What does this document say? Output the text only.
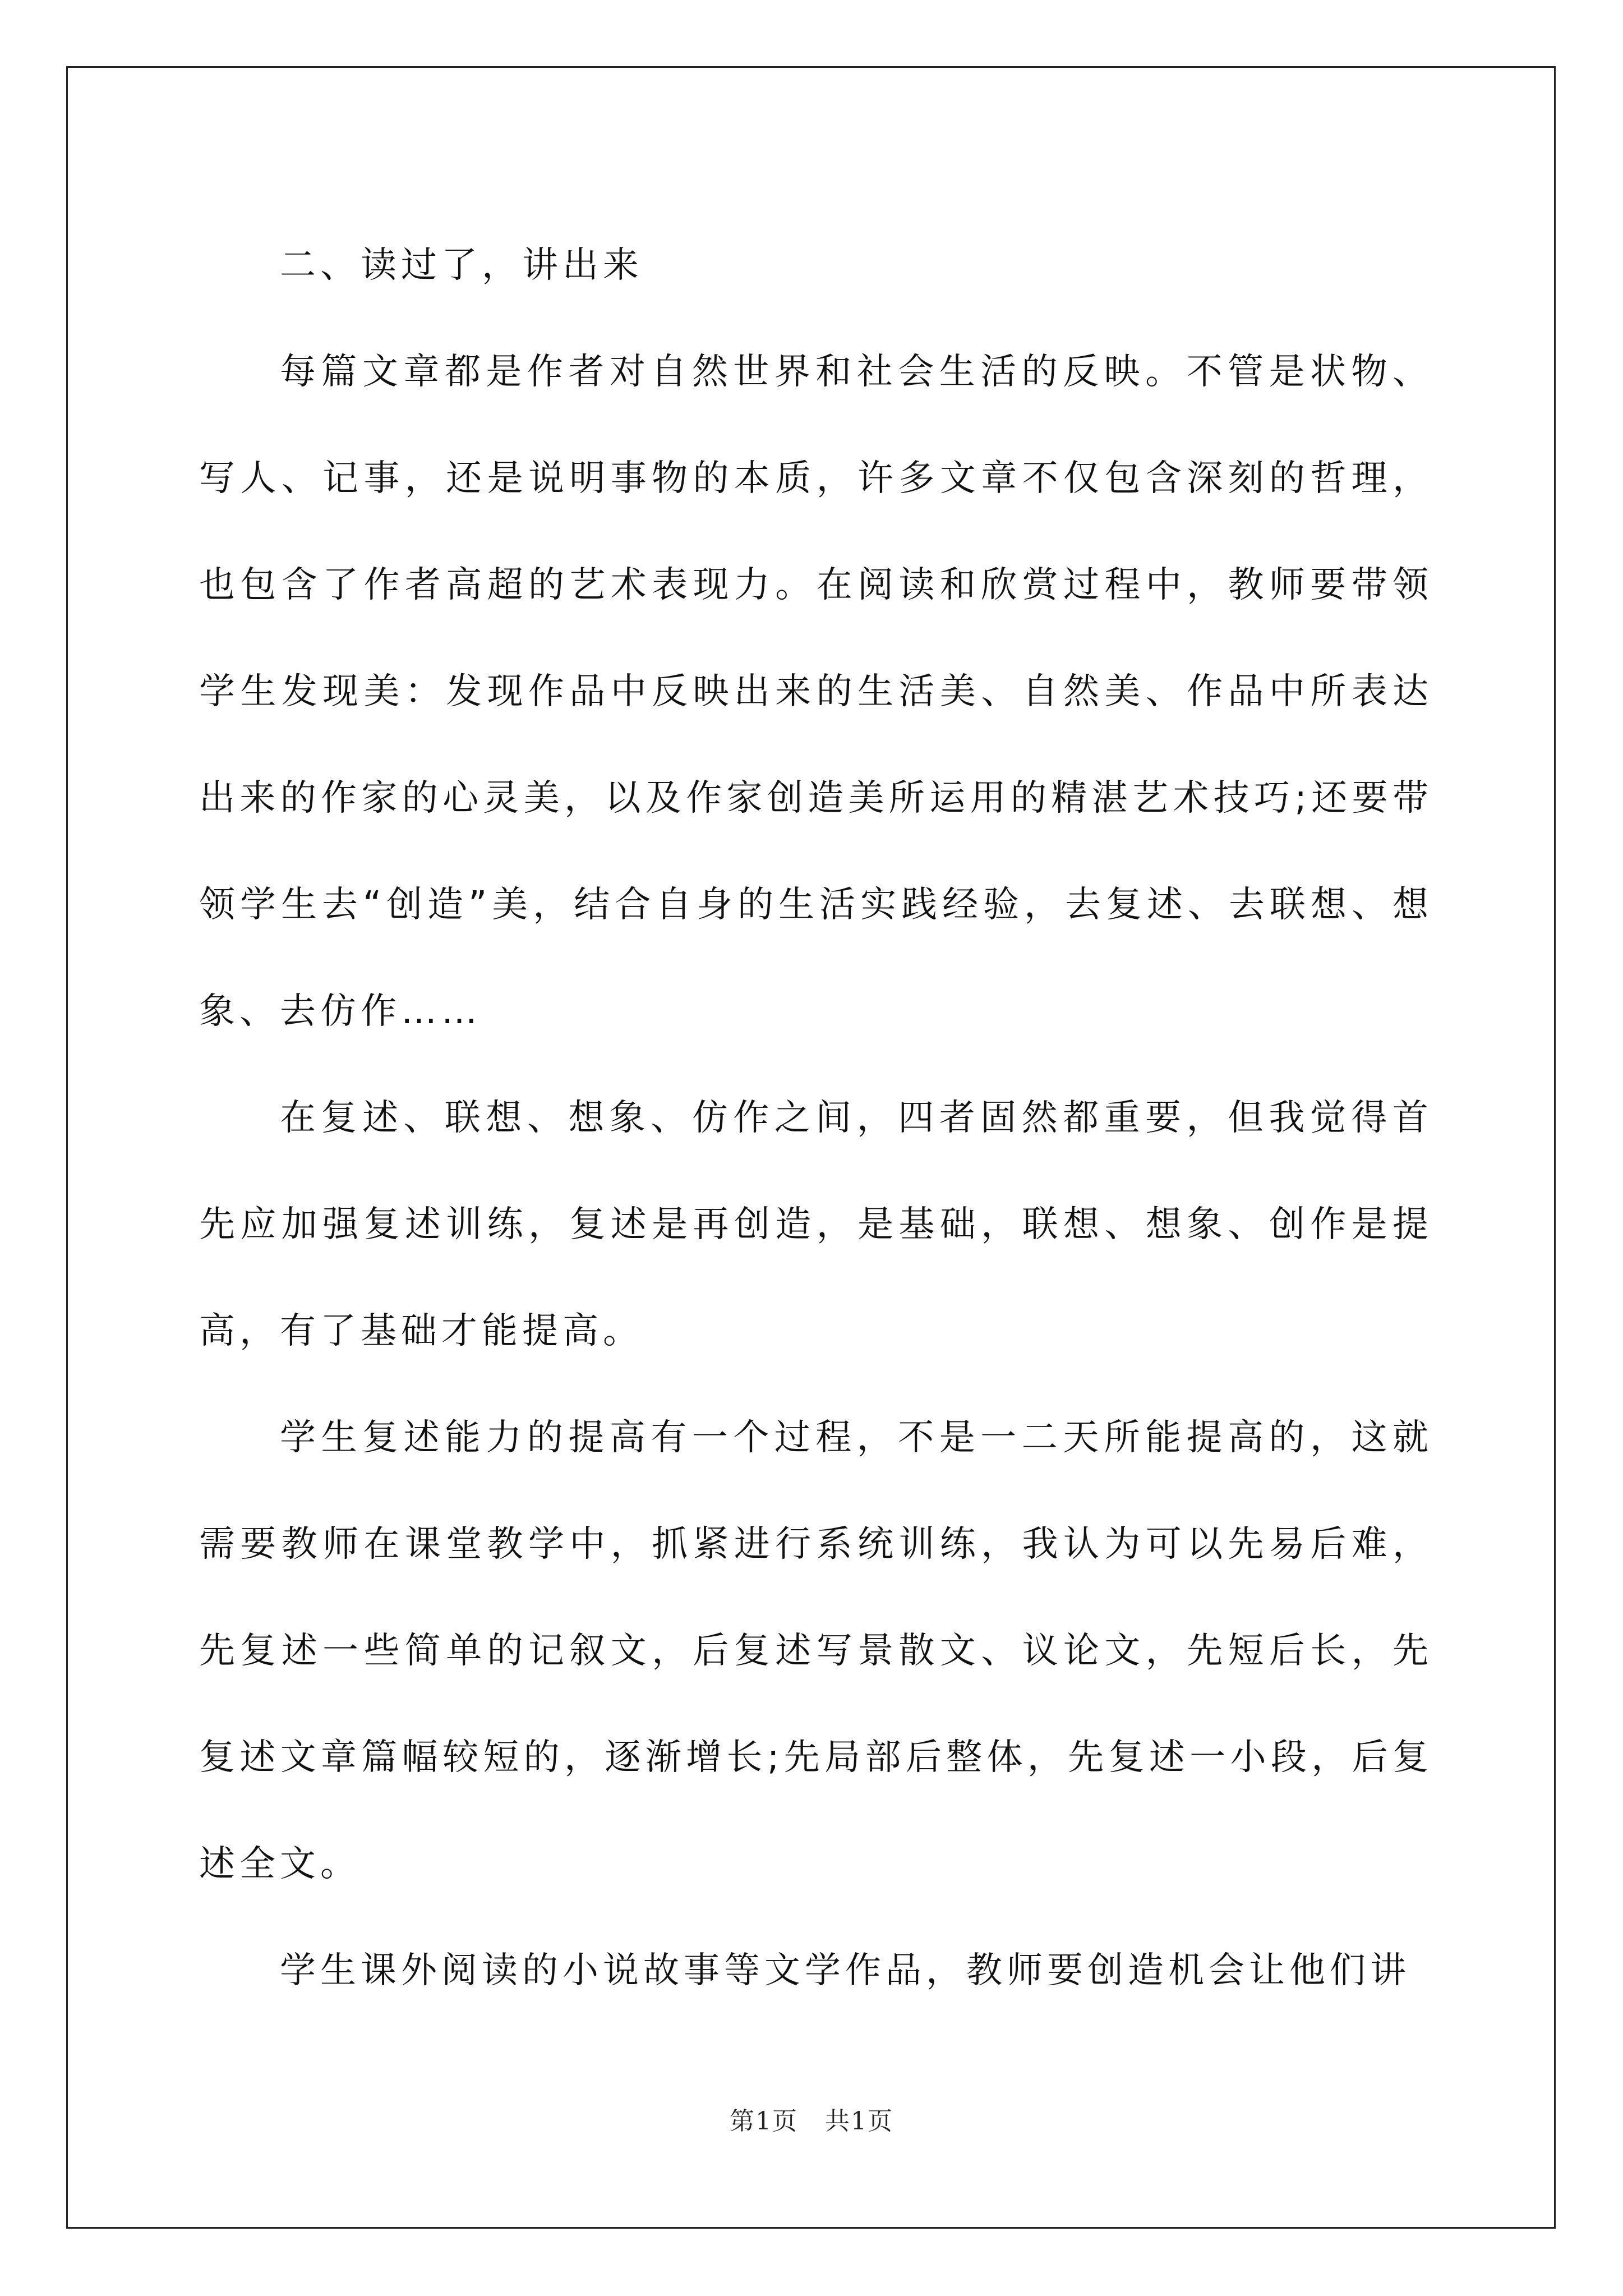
二、读过了，讲出来

每篇文章都是作者对自然世界和社会生活的反映。不管是状物、写人、记事，还是说明事物的本质，许多文章不仅包含深刻的哲理，也包含了作者高超的艺术表现力。在阅读和欣赏过程中，教师要带领学生发现美：发现作品中反映出来的生活美、自然美、作品中所表达出来的作家的心灵美，以及作家创造美所运用的精湛艺术技巧;还要带领学生去“创造”美，结合自身的生活实践经验，去复述、去联想、想象、去仿作……

在复述、联想、想象、仿作之间，四者固然都重要，但我觉得首先应加强复述训练，复述是再创造，是基础，联想、想象、创作是提高，有了基础才能提高。

学生复述能力的提高有一个过程，不是一二天所能提高的，这就需要教师在课堂教学中，抓紧进行系统训练，我认为可以先易后难，先复述一些简单的记叙文，后复述写景散文、议论文，先短后长，先复述文章篇幅较短的，逐渐增长;先局部后整体，先复述一小段，后复述全文。

学生课外阅读的小说故事等文学作品，教师要创造机会让他们讲

第1页 共1页
